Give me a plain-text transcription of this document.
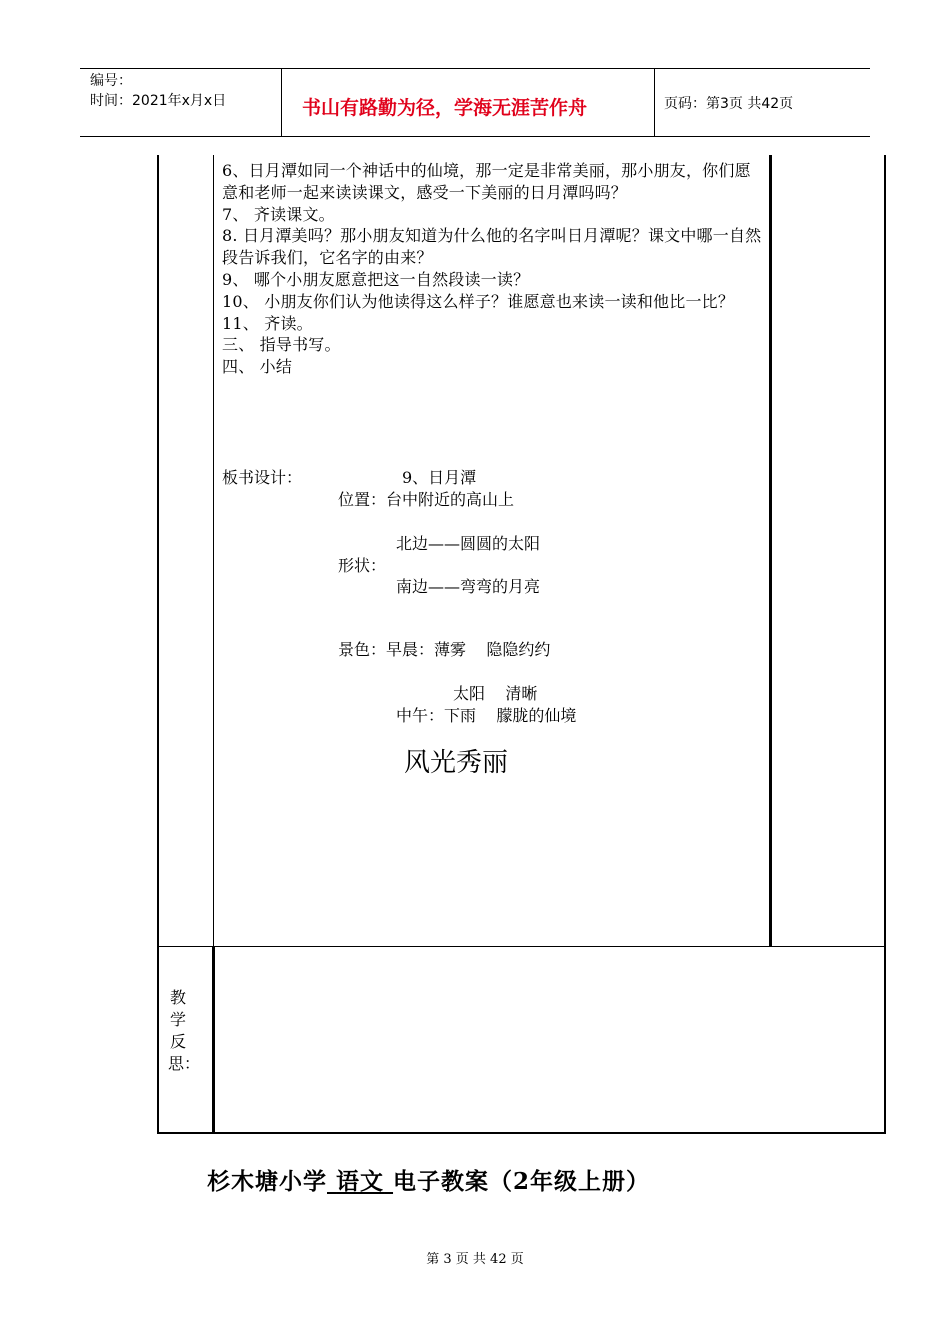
编号：
时间：2021年x月x日	书山有路勤为径，学海无涯苦作舟	页码：第3页 共42页

6、日月潭如同一个神话中的仙境，那一定是非常美丽，那小朋友，你们愿意和老师一起来读读课文，感受一下美丽的日月潭吗吗？

7、 齐读课文。

8. 日月潭美吗？那小朋友知道为什么他的名字叫日月潭呢？课文中哪一自然段告诉我们，它名字的由来？

9、 哪个小朋友愿意把这一自然段读一读？

10、 小朋友你们认为他读得这么样子？谁愿意也来读一读和他比一比？

11、 齐读。

三、 指导书写。

四、 小结

板书设计：	9、日月潭
位置：台中附近的高山上
北边——圆圆的太阳
形状：
南边——弯弯的月亮
景色：早晨：薄雾    隐隐约约
太阳    清晰
中午：下雨    朦胧的仙境
风光秀丽
教学反思：
杉木塘小学 语文 电子教案（2年级上册）
第 3 页 共 42 页
